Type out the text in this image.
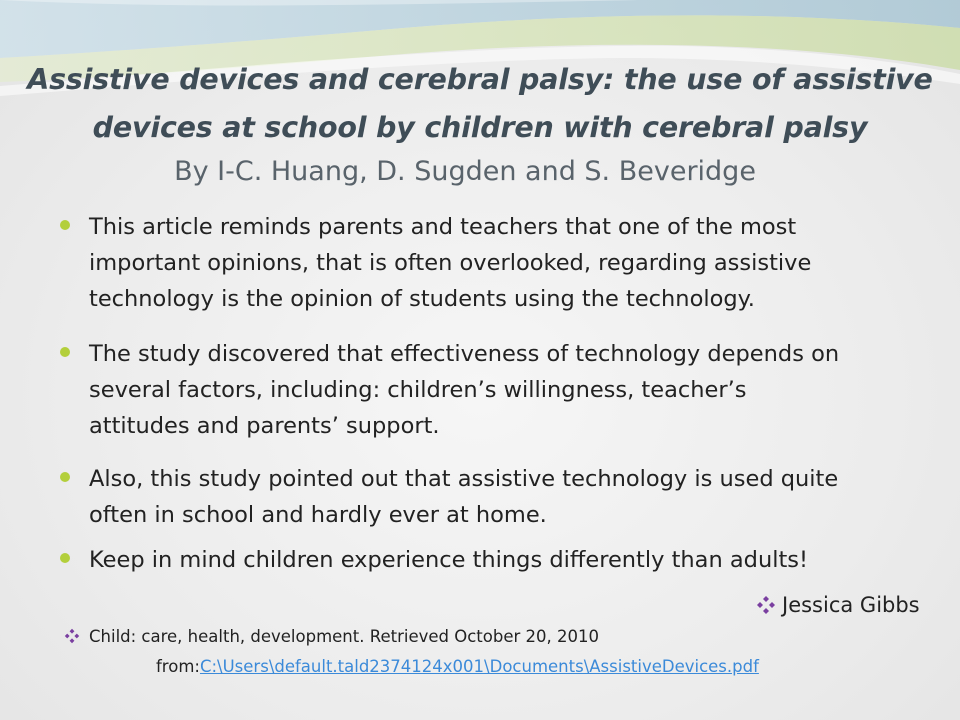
Assistive devices and cerebral palsy: the use of assistive
devices at school by children with cerebral palsy
By I-C. Huang, D. Sugden and S. Beveridge
This article reminds parents and teachers that one of the most
important opinions, that is often overlooked, regarding assistive
technology is the opinion of students using the technology.
The study discovered that effectiveness of technology depends on
several factors, including: children’s willingness, teacher’s
attitudes and parents’ support.
Also, this study pointed out that assistive technology is used quite
often in school and hardly ever at home.
Keep in mind children experience things differently than adults!
Jessica Gibbs
Child: care, health, development. Retrieved October 20, 2010
from:C:\Users\default.tald2374124x001\Documents\AssistiveDevices.pdf
